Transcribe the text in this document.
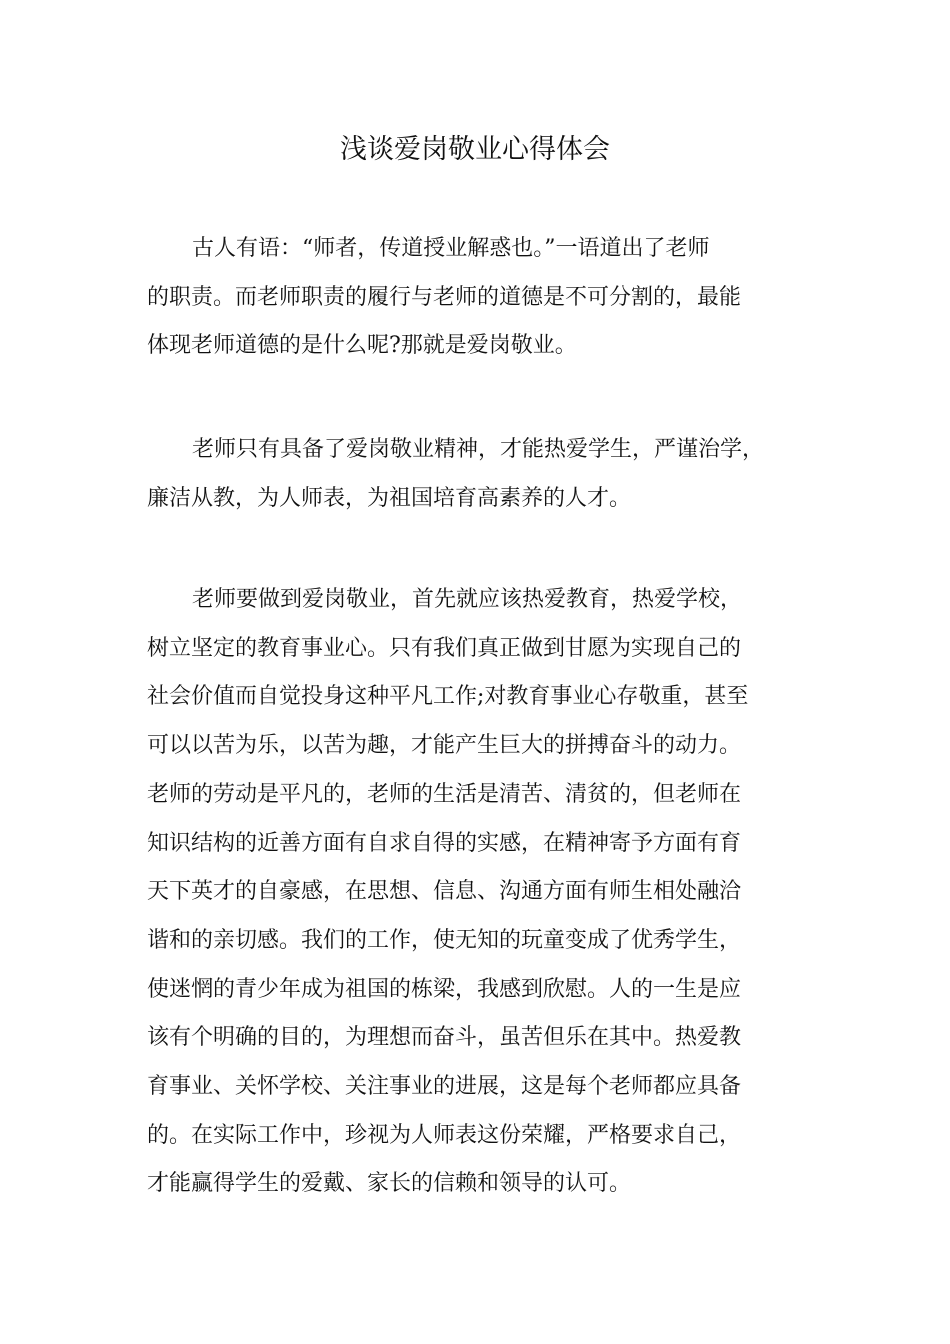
浅谈爱岗敬业心得体会

古人有语：“师者，传道授业解惑也。”一语道出了老师
的职责。而老师职责的履行与老师的道德是不可分割的，最能
体现老师道德的是什么呢?那就是爱岗敬业。

老师只有具备了爱岗敬业精神，才能热爱学生，严谨治学，
廉洁从教，为人师表，为祖国培育高素养的人才。

老师要做到爱岗敬业，首先就应该热爱教育，热爱学校，
树立坚定的教育事业心。只有我们真正做到甘愿为实现自己的
社会价值而自觉投身这种平凡工作;对教育事业心存敬重，甚至
可以以苦为乐，以苦为趣，才能产生巨大的拼搏奋斗的动力。
老师的劳动是平凡的，老师的生活是清苦、清贫的，但老师在
知识结构的近善方面有自求自得的实感，在精神寄予方面有育
天下英才的自豪感，在思想、信息、沟通方面有师生相处融洽
谐和的亲切感。我们的工作，使无知的玩童变成了优秀学生，
使迷惘的青少年成为祖国的栋梁，我感到欣慰。人的一生是应
该有个明确的目的，为理想而奋斗，虽苦但乐在其中。热爱教
育事业、关怀学校、关注事业的进展，这是每个老师都应具备
的。在实际工作中，珍视为人师表这份荣耀，严格要求自己，
才能赢得学生的爱戴、家长的信赖和领导的认可。
